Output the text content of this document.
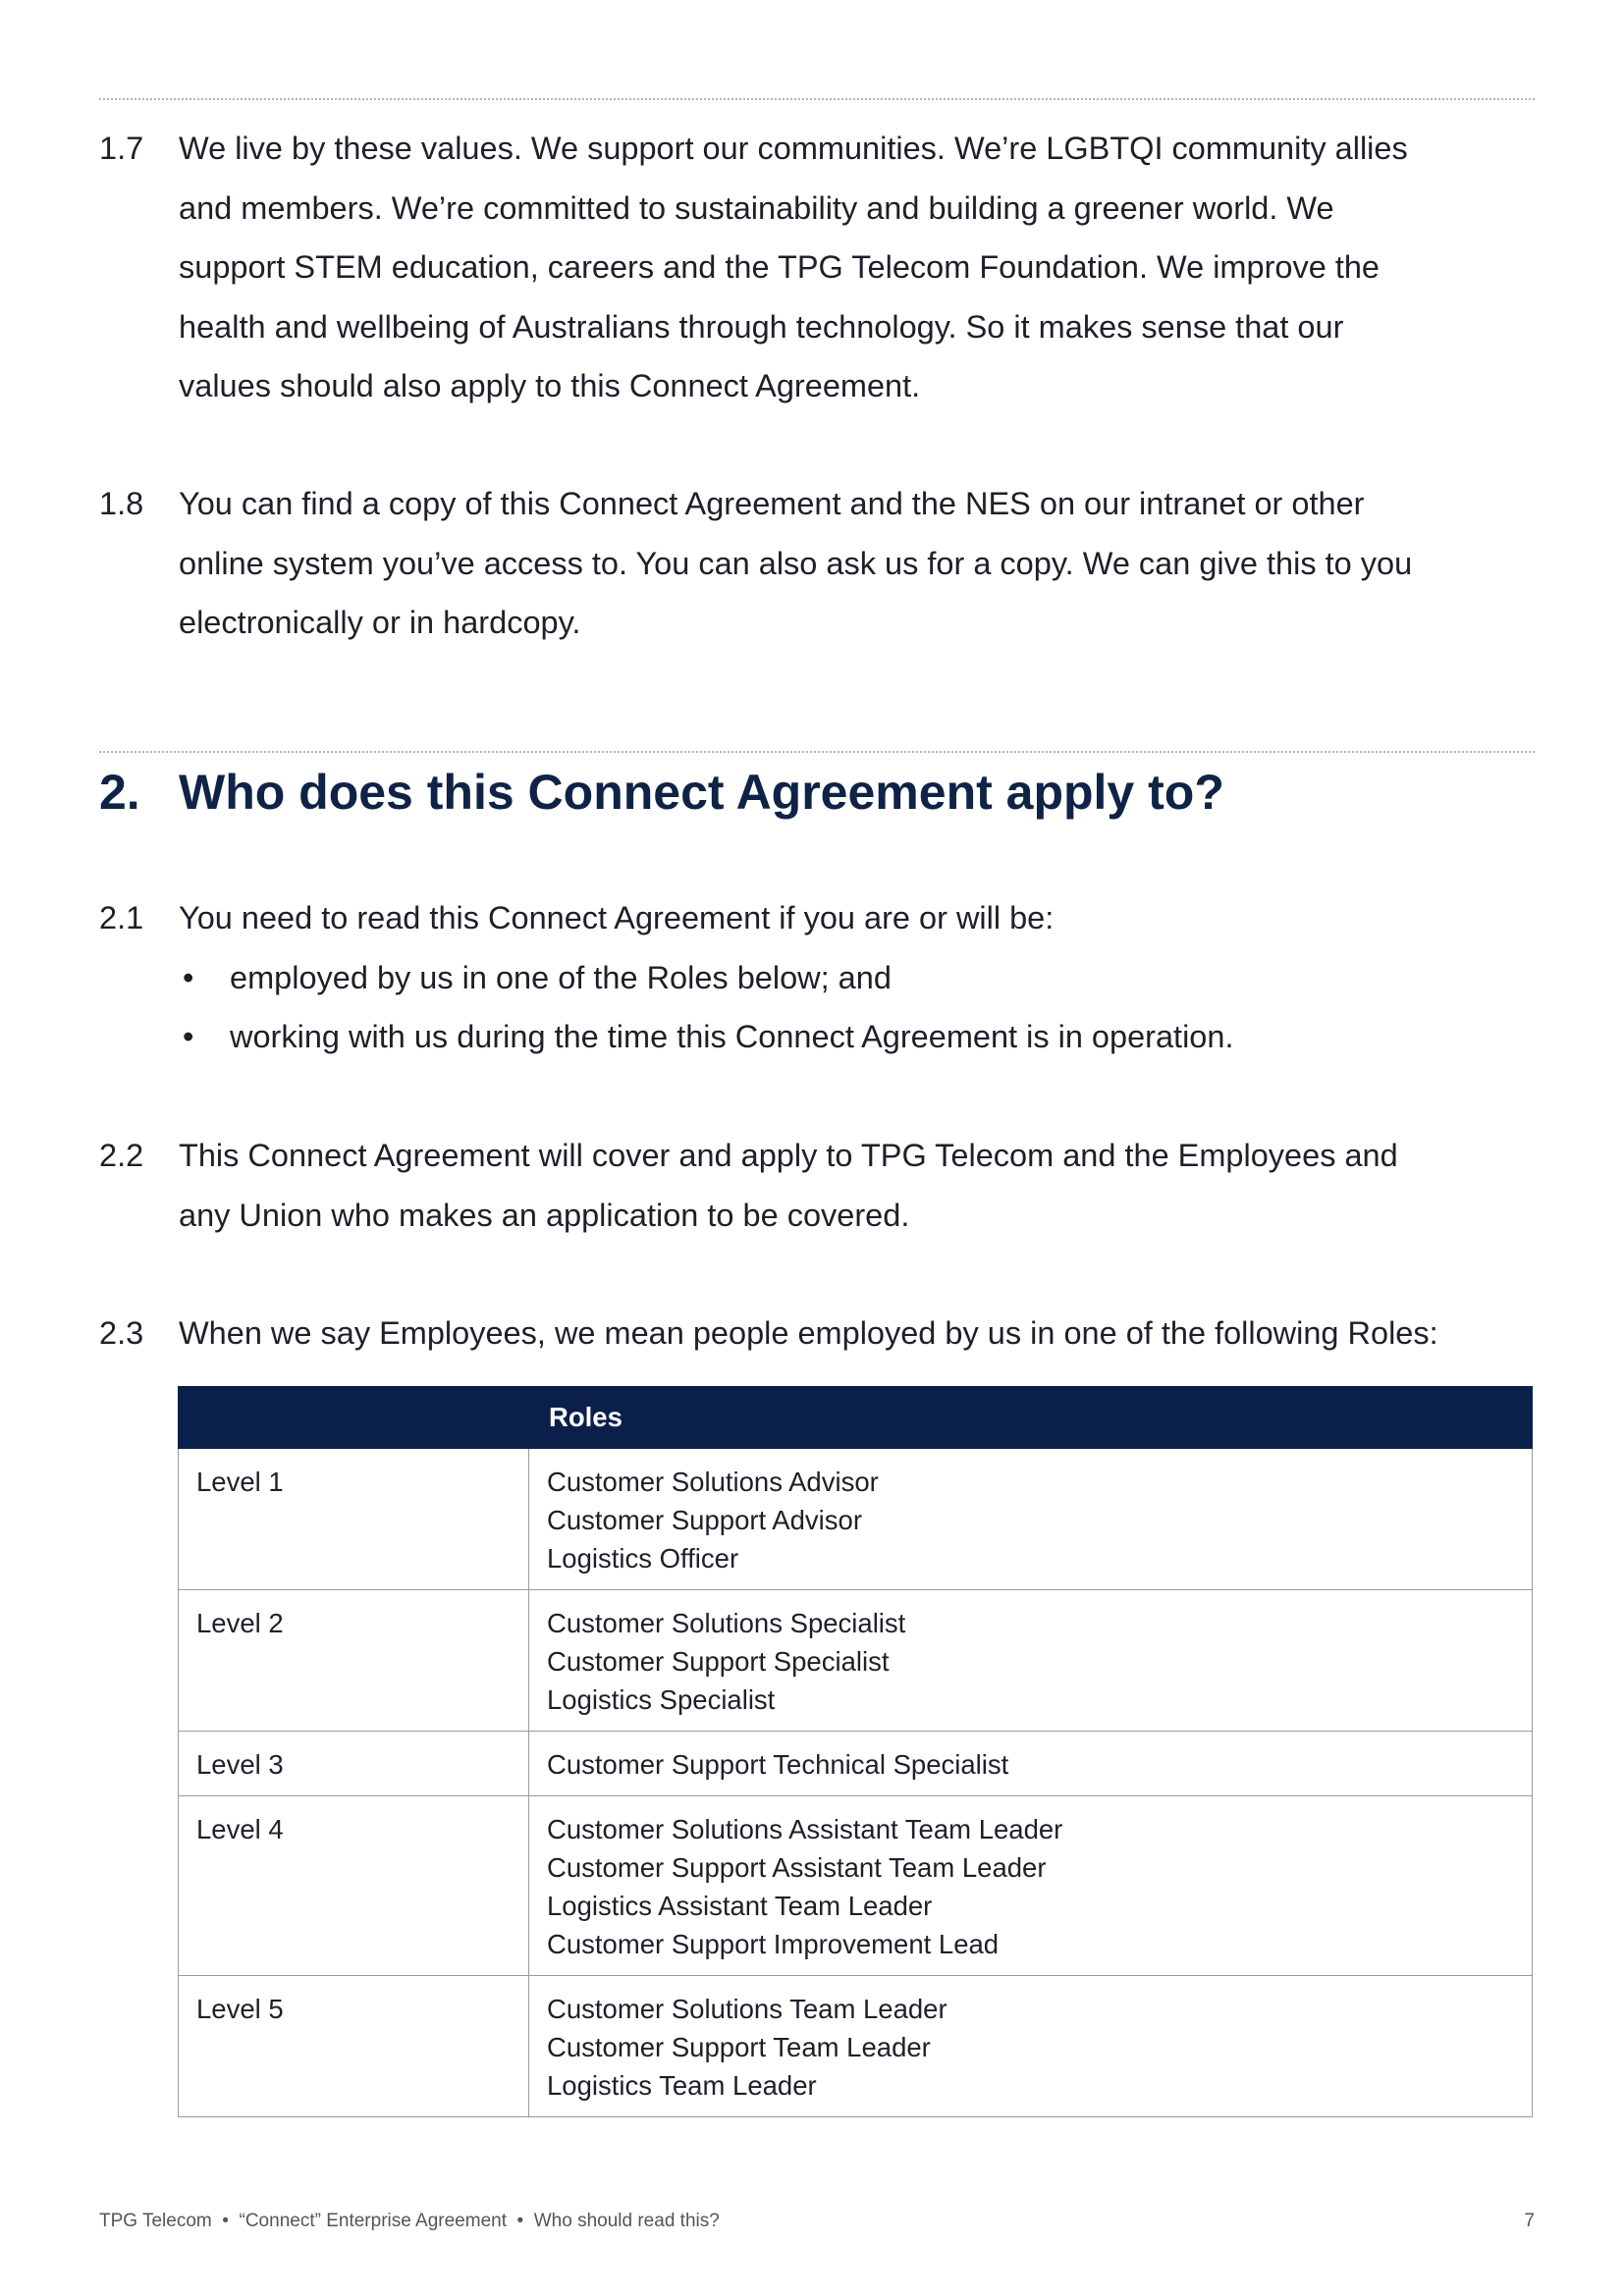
1.7 We live by these values. We support our communities. We’re LGBTQI community allies
and members. We’re committed to sustainability and building a greener world. We
support STEM education, careers and the TPG Telecom Foundation. We improve the
health and wellbeing of Australians through technology. So it makes sense that our
values should also apply to this Connect Agreement.
1.8 You can find a copy of this Connect Agreement and the NES on our intranet or other
online system you’ve access to. You can also ask us for a copy. We can give this to you
electronically or in hardcopy.
2. Who does this Connect Agreement apply to?
2.1 You need to read this Connect Agreement if you are or will be:
• employed by us in one of the Roles below; and
• working with us during the time this Connect Agreement is in operation.
2.2 This Connect Agreement will cover and apply to TPG Telecom and the Employees and
any Union who makes an application to be covered.
2.3 When we say Employees, we mean people employed by us in one of the following Roles:
	Roles
Level 1	Customer Solutions Advisor
Customer Support Advisor
Logistics Officer

Level 2	Customer Solutions Specialist
Customer Support Specialist
Logistics Specialist

Level 3	Customer Support Technical Specialist

Level 4	Customer Solutions Assistant Team Leader
Customer Support Assistant Team Leader
Logistics Assistant Team Leader
Customer Support Improvement Lead

Level 5	Customer Solutions Team Leader
Customer Support Team Leader
Logistics Team Leader
TPG Telecom  •  “Connect” Enterprise Agreement  •  Who should read this?	7
